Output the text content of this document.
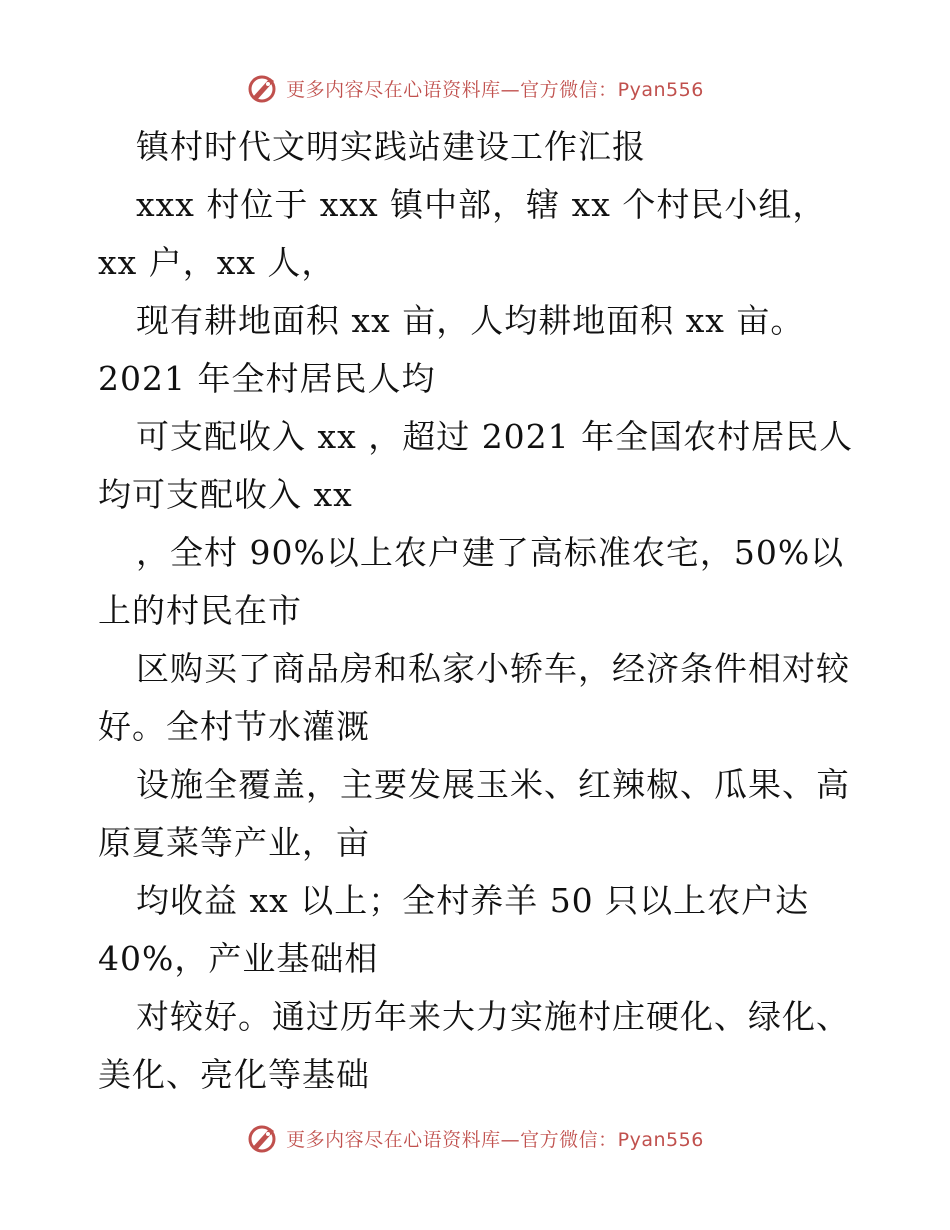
更多内容尽在心语资料库—官方微信：Pyan556
镇村时代文明实践站建设工作汇报
xxx 村位于 xxx 镇中部，辖 xx 个村民小组，
xx 户，xx 人，
现有耕地面积 xx 亩，人均耕地面积 xx 亩。
2021 年全村居民人均
可支配收入 xx ，超过 2021 年全国农村居民人
均可支配收入 xx
，全村 90%以上农户建了高标准农宅，50%以
上的村民在市
区购买了商品房和私家小轿车，经济条件相对较
好。全村节水灌溉
设施全覆盖，主要发展玉米、红辣椒、瓜果、高
原夏菜等产业，亩
均收益 xx 以上；全村养羊 50 只以上农户达
40%，产业基础相
对较好。通过历年来大力实施村庄硬化、绿化、
美化、亮化等基础
更多内容尽在心语资料库—官方微信：Pyan556
